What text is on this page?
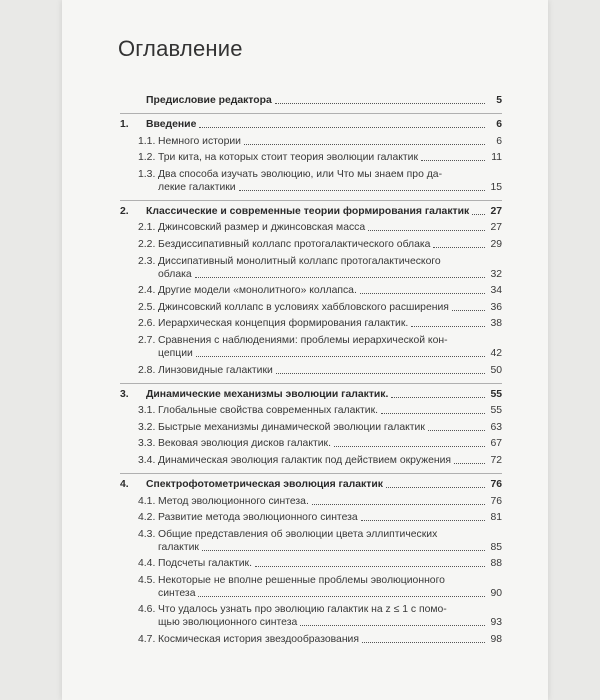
Оглавление
Предисловие редактора	5
1.	Введение	6
1.1. Немного истории	6
1.2. Три кита, на которых стоит теория эволюции галактик	11
1.3. Два способа изучать эволюцию, или Что мы знаем про да-
лекие галактики	15
2.	Классические и современные теории формирования галактик 27
2.1. Джинсовский размер и джинсовская масса	27
2.2. Бездиссипативный коллапс протогалактического облака	29
2.3. Диссипативный монолитный коллапс протогалактического
облака	32
2.4. Другие модели «монолитного» коллапса.	34
2.5. Джинсовский коллапс в условиях хаббловского расширения	36
2.6. Иерархическая концепция формирования галактик.	38
2.7. Сравнения с наблюдениями: проблемы иерархической кон-
цепции	42
2.8. Линзовидные галактики	50
3.	Динамические механизмы эволюции галактик.	55
3.1. Глобальные свойства современных галактик.	55
3.2. Быстрые механизмы динамической эволюции галактик	63
3.3. Вековая эволюция дисков галактик.	67
3.4. Динамическая эволюция галактик под действием окружения	72
4.	Спектрофотометрическая эволюция галактик	76
4.1. Метод эволюционного синтеза.	76
4.2. Развитие метода эволюционного синтеза	81
4.3. Общие представления об эволюции цвета эллиптических
галактик	85
4.4. Подсчеты галактик.	88
4.5. Некоторые не вполне решенные проблемы эволюционного
синтеза	90
4.6. Что удалось узнать про эволюцию галактик на z ≤ 1 с помо-
щью эволюционного синтеза	93
4.7. Космическая история звездообразования	98
